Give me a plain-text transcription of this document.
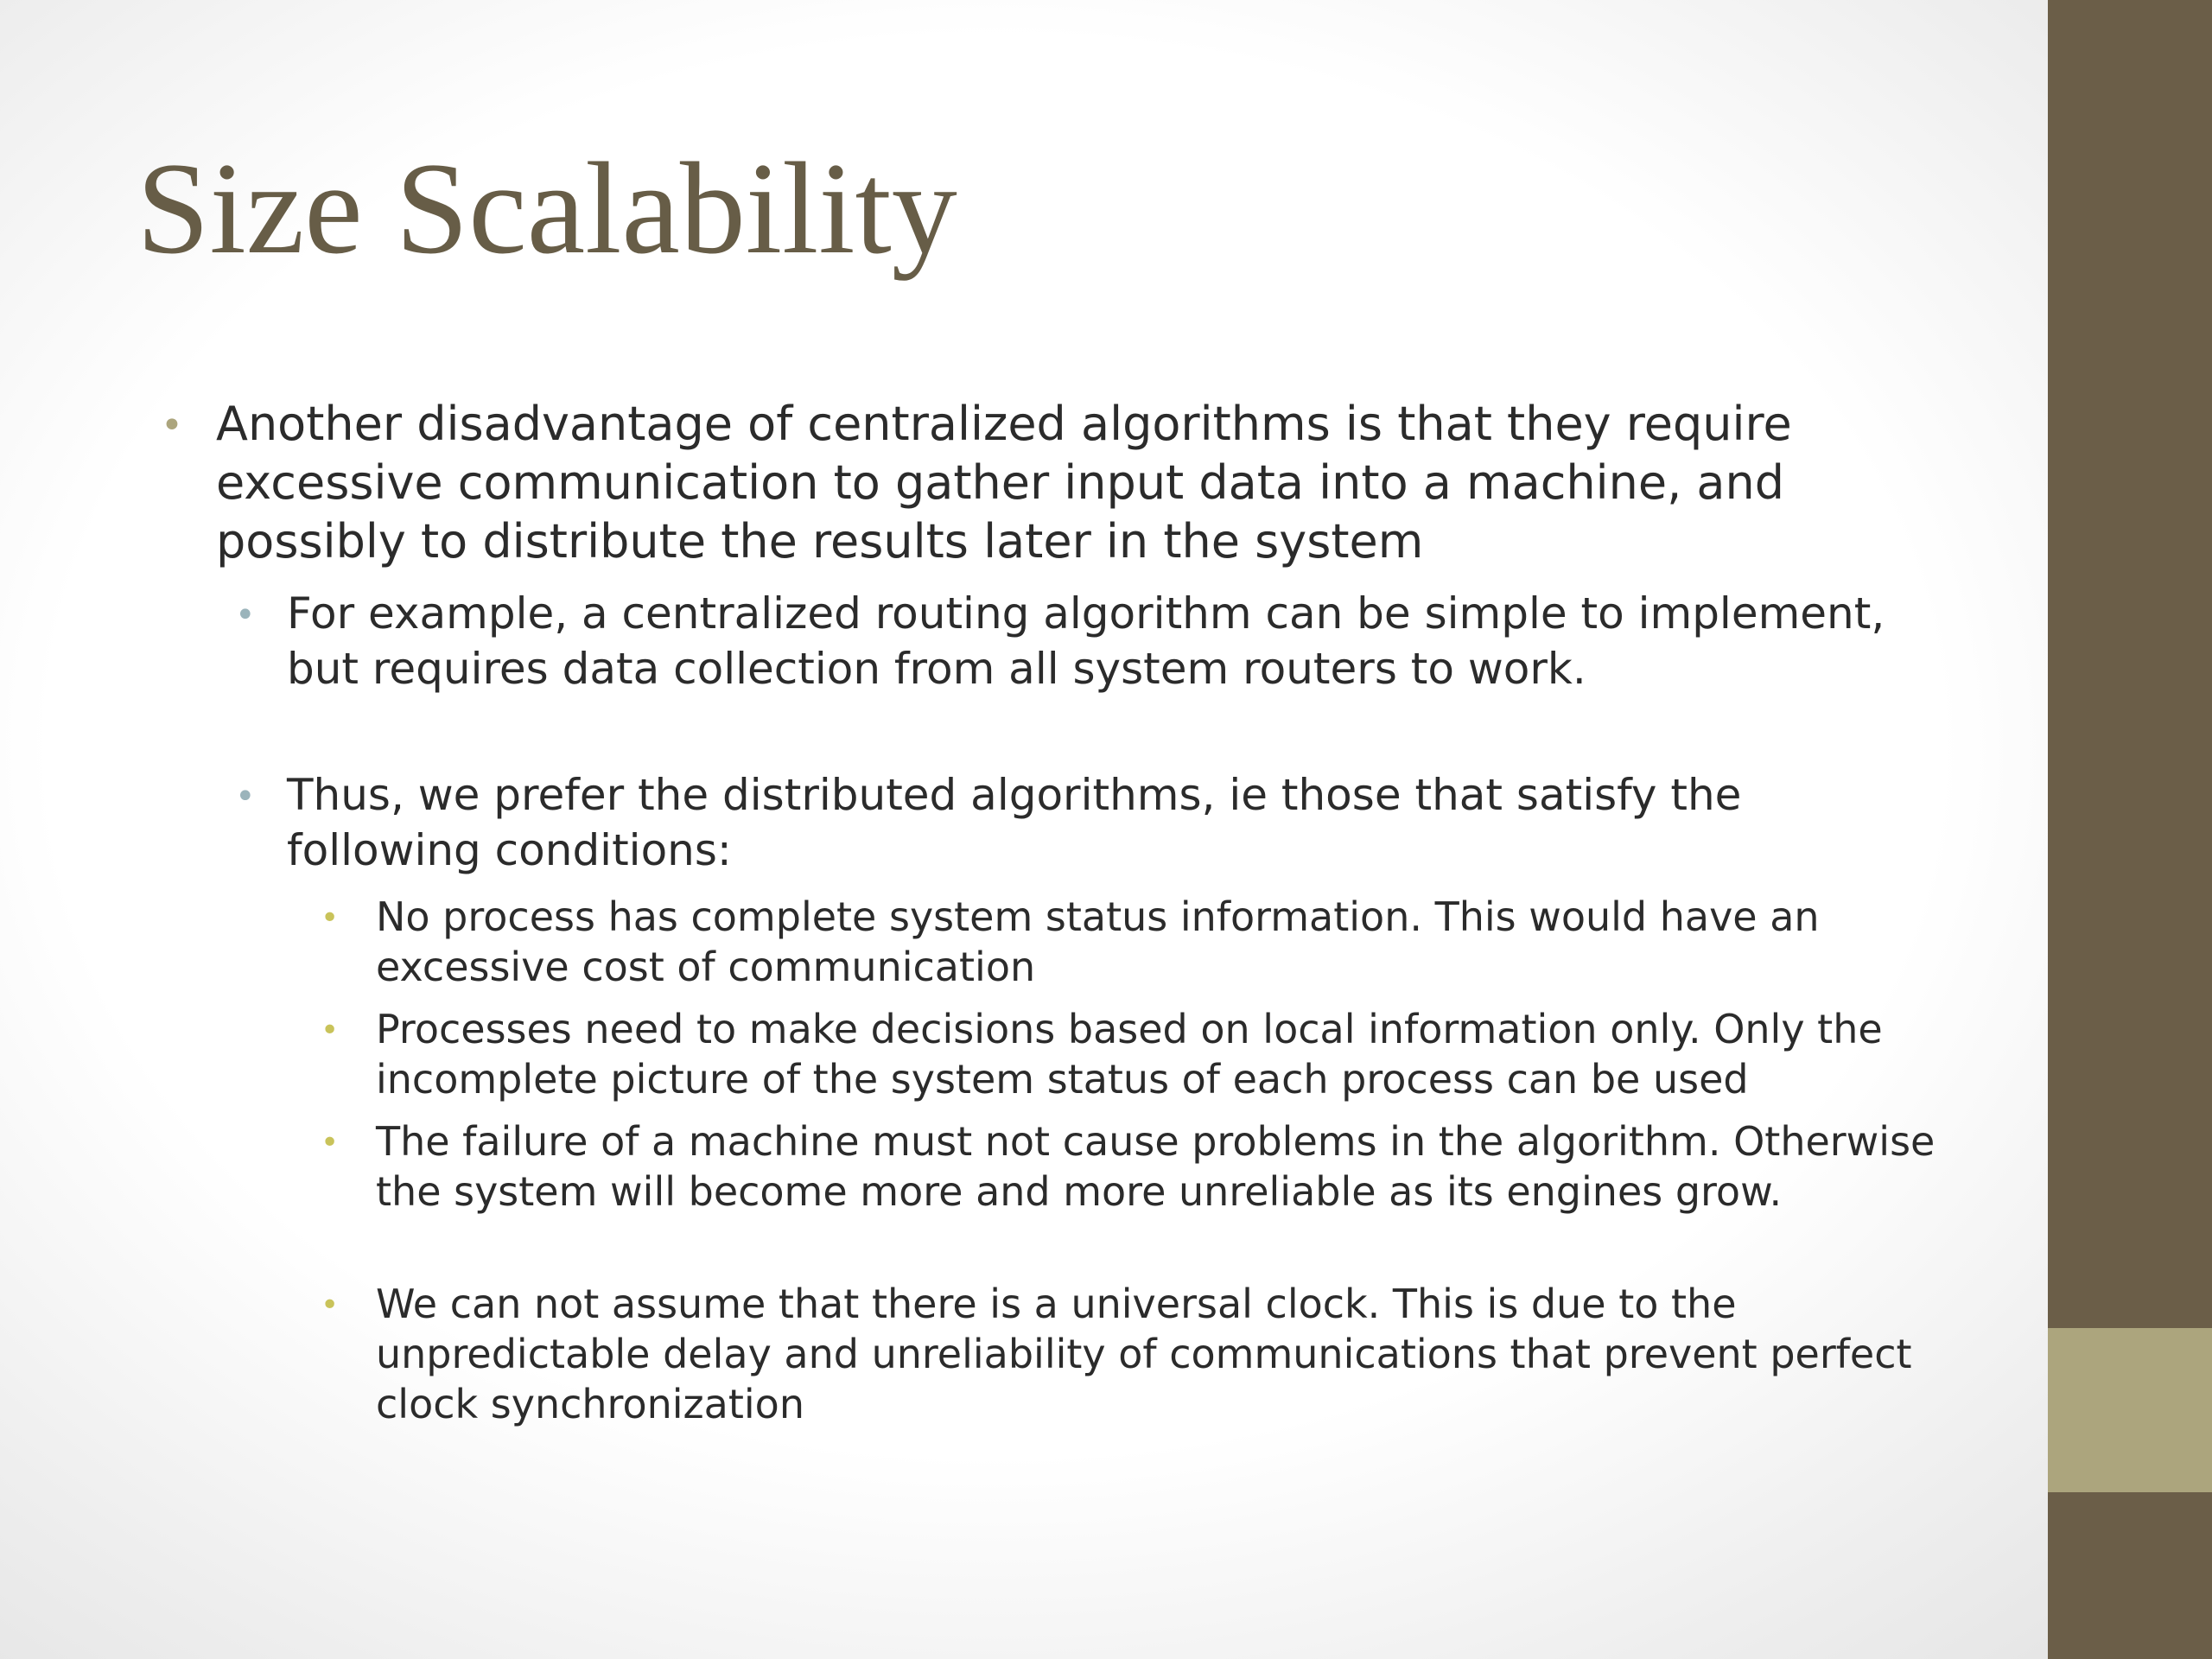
Size Scalability
• Another disadvantage of centralized algorithms is that they require excessive communication to gather input data into a machine, and possibly to distribute the results later in the system
• For example, a centralized routing algorithm can be simple to implement, but requires data collection from all system routers to work.
• Thus, we prefer the distributed algorithms, ie those that satisfy the following conditions:
• No process has complete system status information. This would have an excessive cost of communication
• Processes need to make decisions based on local information only. Only the incomplete picture of the system status of each process can be used
• The failure of a machine must not cause problems in the algorithm. Otherwise the system will become more and more unreliable as its engines grow.
• We can not assume that there is a universal clock. This is due to the unpredictable delay and unreliability of communications that prevent perfect clock synchronization
